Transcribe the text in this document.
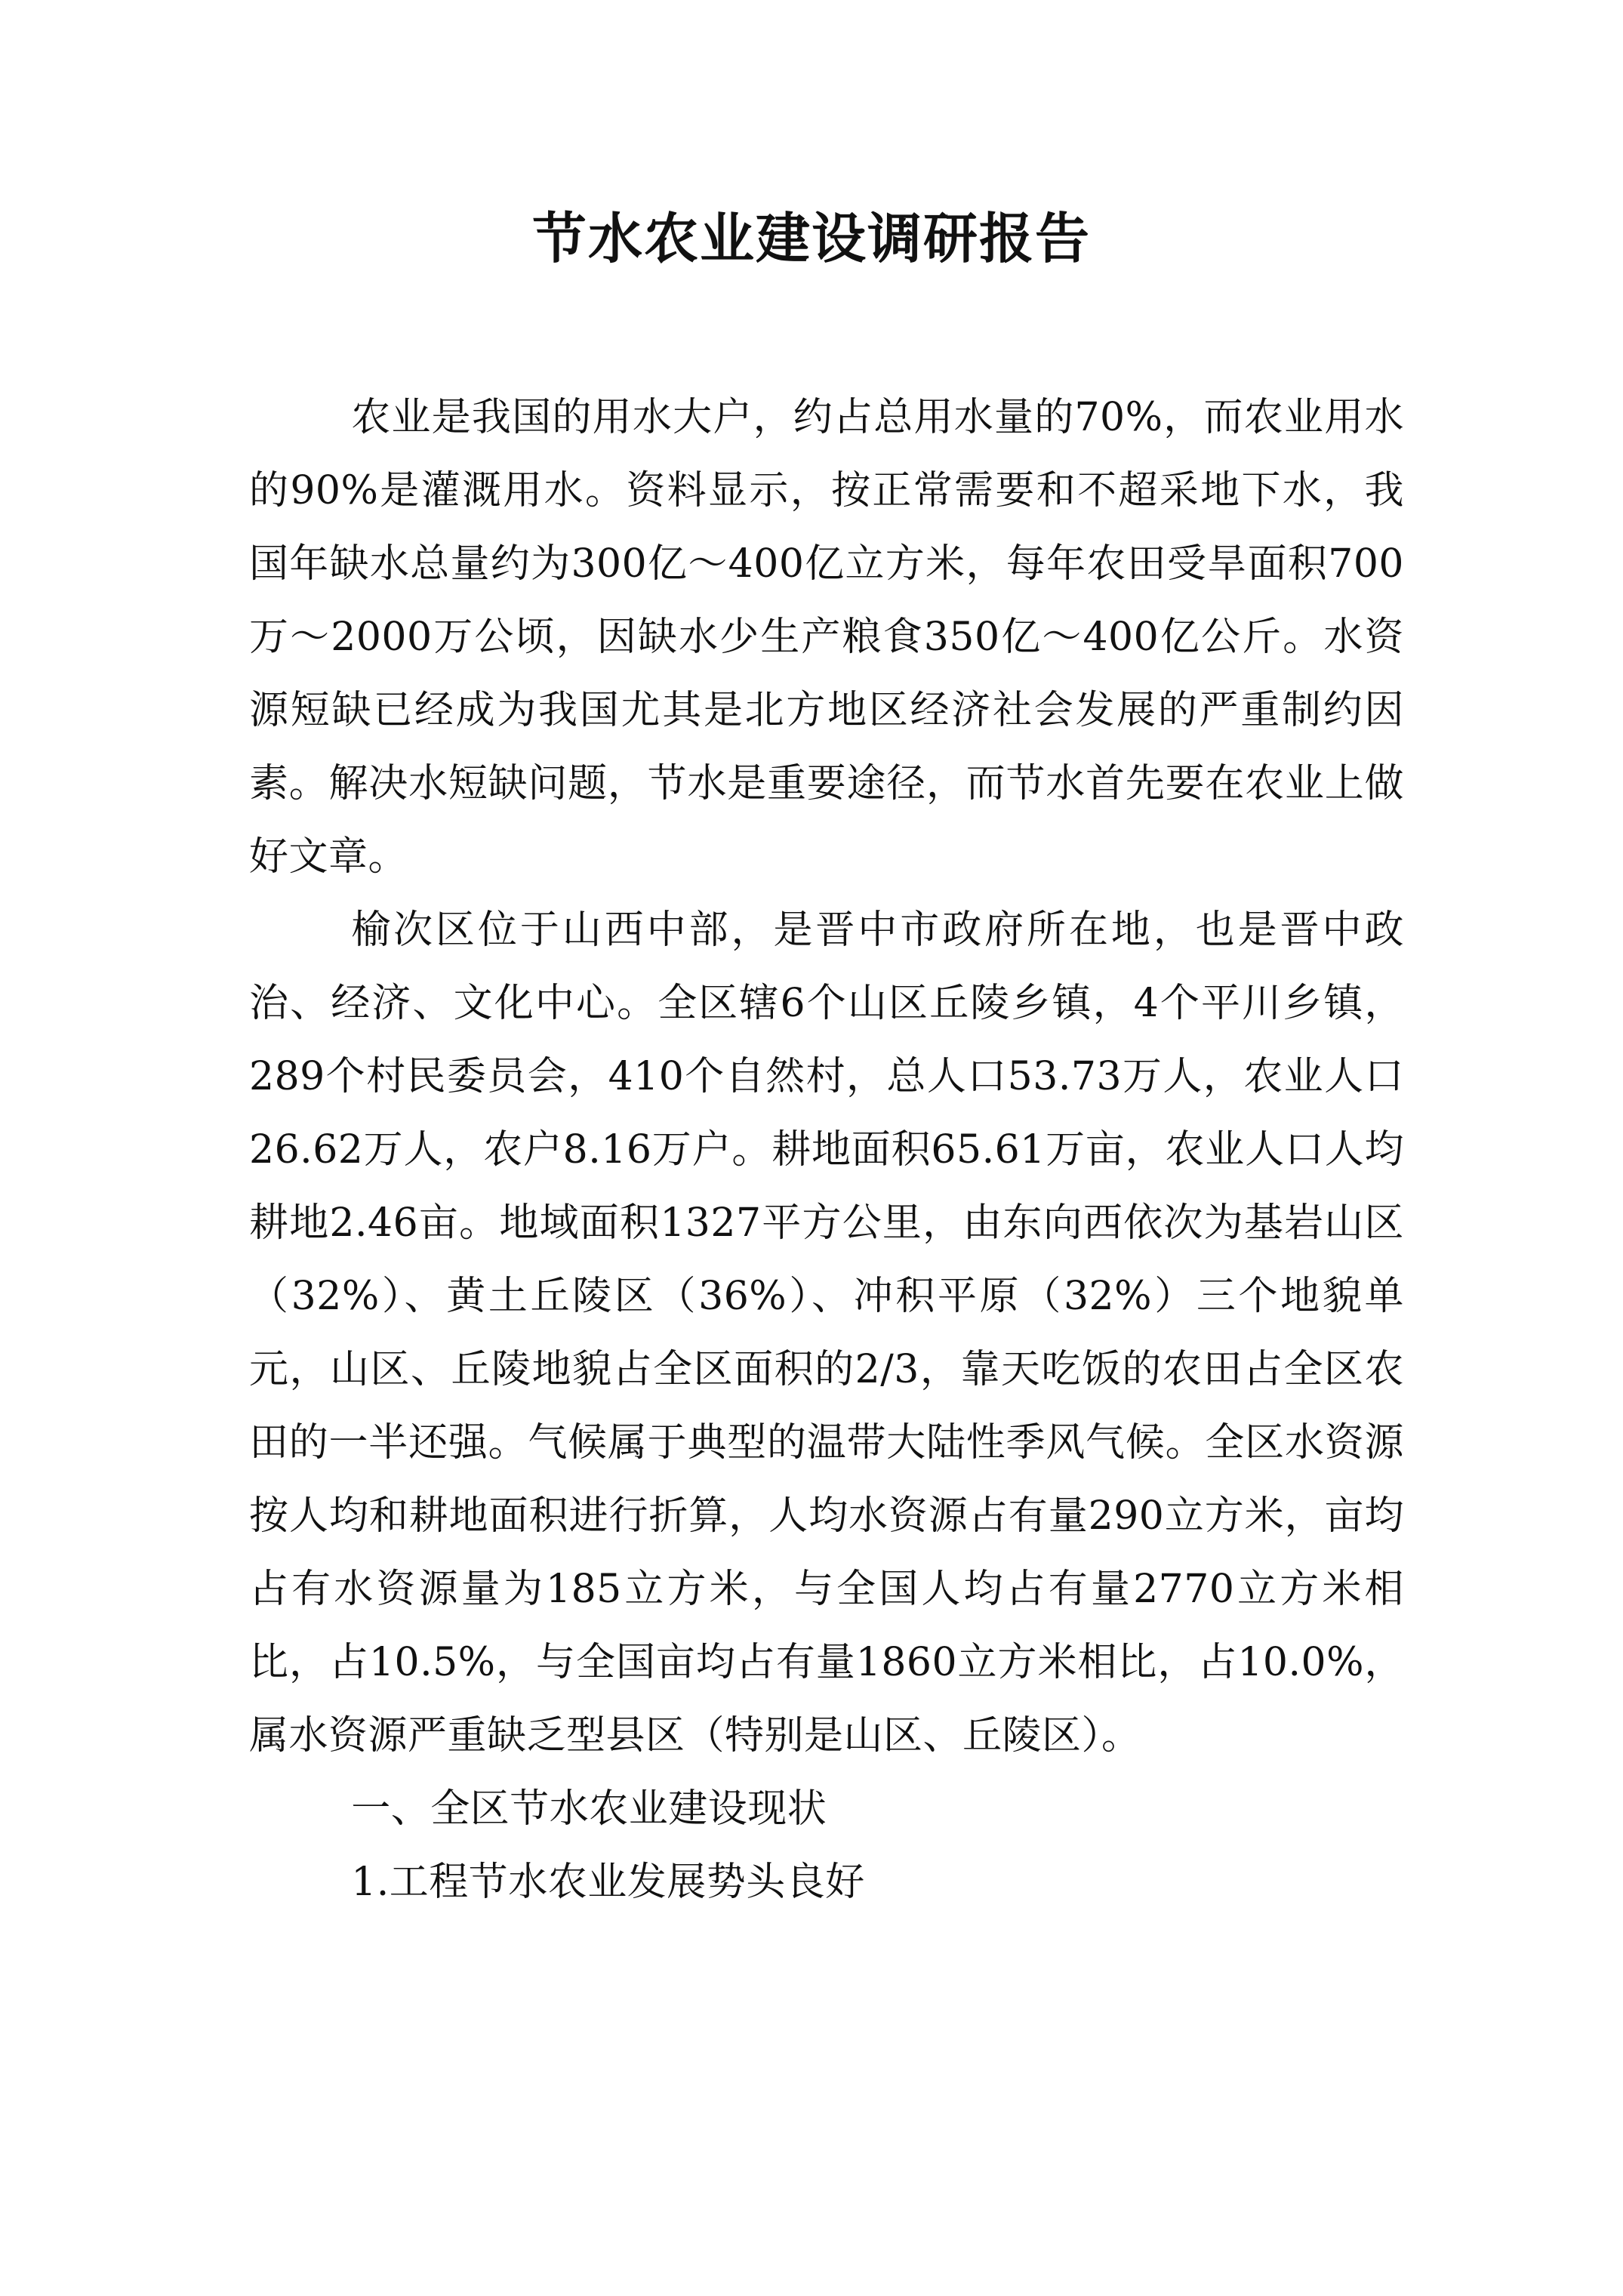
节水农业建设调研报告

农业是我国的用水大户，约占总用水量的70%，而农业用水的90%是灌溉用水。资料显示，按正常需要和不超采地下水，我国年缺水总量约为300亿～400亿立方米，每年农田受旱面积700万～2000万公顷，因缺水少生产粮食350亿～400亿公斤。水资源短缺已经成为我国尤其是北方地区经济社会发展的严重制约因素。解决水短缺问题，节水是重要途径，而节水首先要在农业上做好文章。

榆次区位于山西中部，是晋中市政府所在地，也是晋中政治、经济、文化中心。全区辖6个山区丘陵乡镇，4个平川乡镇，289个村民委员会，410个自然村，总人口53.73万人，农业人口26.62万人，农户8.16万户。耕地面积65.61万亩，农业人口人均耕地2.46亩。地域面积1327平方公里，由东向西依次为基岩山区（32%）、黄土丘陵区（36%）、冲积平原（32%）三个地貌单元，山区、丘陵地貌占全区面积的2/3，靠天吃饭的农田占全区农田的一半还强。气候属于典型的温带大陆性季风气候。全区水资源按人均和耕地面积进行折算，人均水资源占有量290立方米，亩均占有水资源量为185立方米，与全国人均占有量2770立方米相比，占10.5%，与全国亩均占有量1860立方米相比，占10.0%，属水资源严重缺乏型县区（特别是山区、丘陵区）。

一、全区节水农业建设现状

1.工程节水农业发展势头良好
